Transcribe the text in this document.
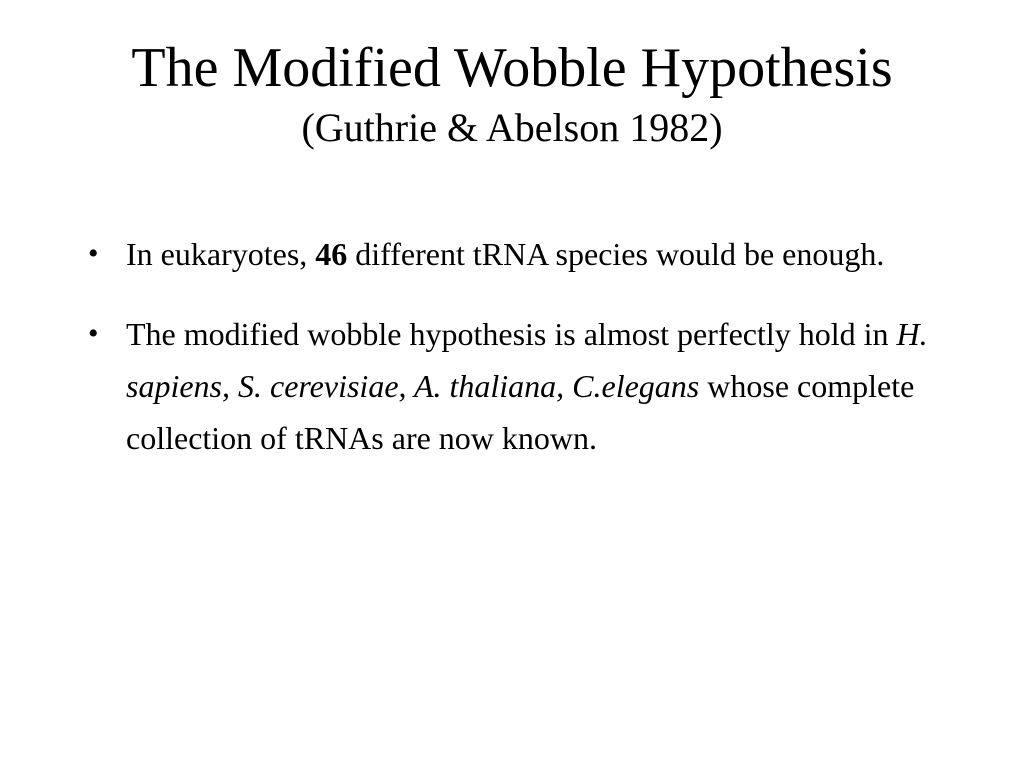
The Modified Wobble Hypothesis
(Guthrie & Abelson 1982)
• In eukaryotes, 46 different tRNA species would be enough.
• The modified wobble hypothesis is almost perfectly hold in H. sapiens, S. cerevisiae, A. thaliana, C.elegans whose complete collection of tRNAs are now known.
